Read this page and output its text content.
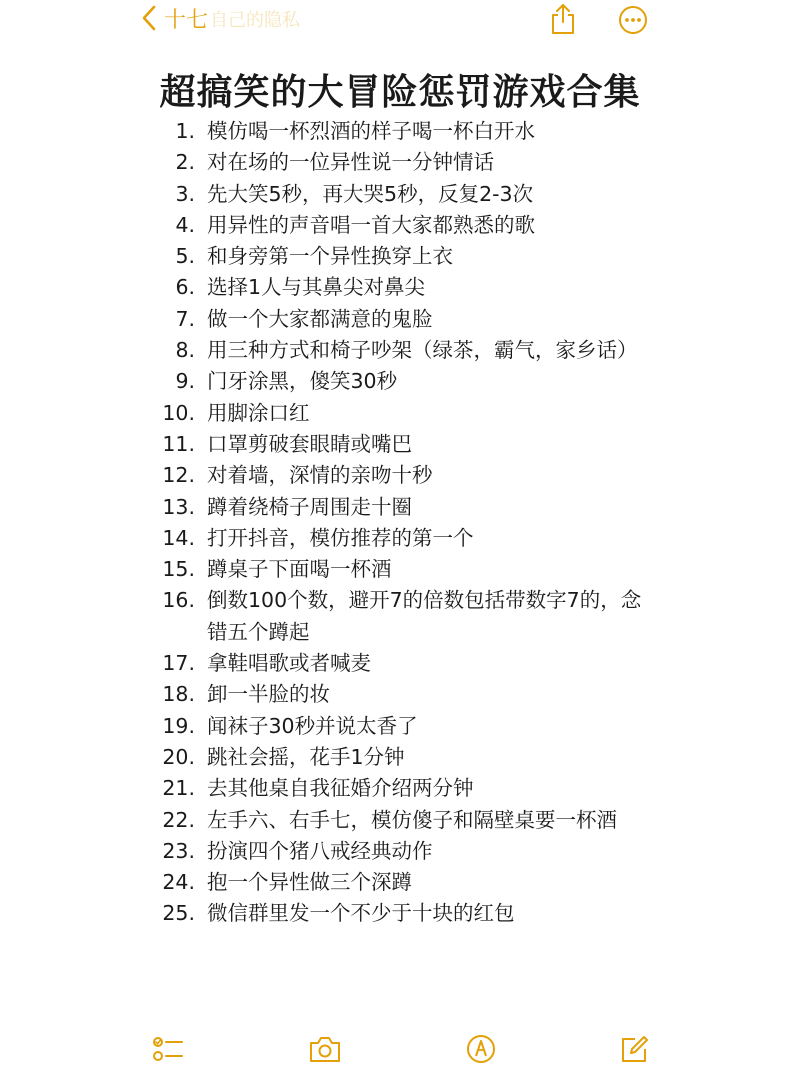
十七 自己的隐私
超搞笑的大冒险惩罚游戏合集
1. 模仿喝一杯烈酒的样子喝一杯白开水
2. 对在场的一位异性说一分钟情话
3. 先大笑5秒，再大哭5秒，反复2-3次
4. 用异性的声音唱一首大家都熟悉的歌
5. 和身旁第一个异性换穿上衣
6. 选择1人与其鼻尖对鼻尖
7. 做一个大家都满意的鬼脸
8. 用三种方式和椅子吵架（绿茶，霸气，家乡话）
9. 门牙涂黑，傻笑30秒
10. 用脚涂口红
11. 口罩剪破套眼睛或嘴巴
12. 对着墙，深情的亲吻十秒
13. 蹲着绕椅子周围走十圈
14. 打开抖音，模仿推荐的第一个
15. 蹲桌子下面喝一杯酒
16. 倒数100个数，避开7的倍数包括带数字7的，念错五个蹲起
17. 拿鞋唱歌或者喊麦
18. 卸一半脸的妆
19. 闻袜子30秒并说太香了
20. 跳社会摇，花手1分钟
21. 去其他桌自我征婚介绍两分钟
22. 左手六、右手七，模仿傻子和隔壁桌要一杯酒
23. 扮演四个猪八戒经典动作
24. 抱一个异性做三个深蹲
25. 微信群里发一个不少于十块的红包
